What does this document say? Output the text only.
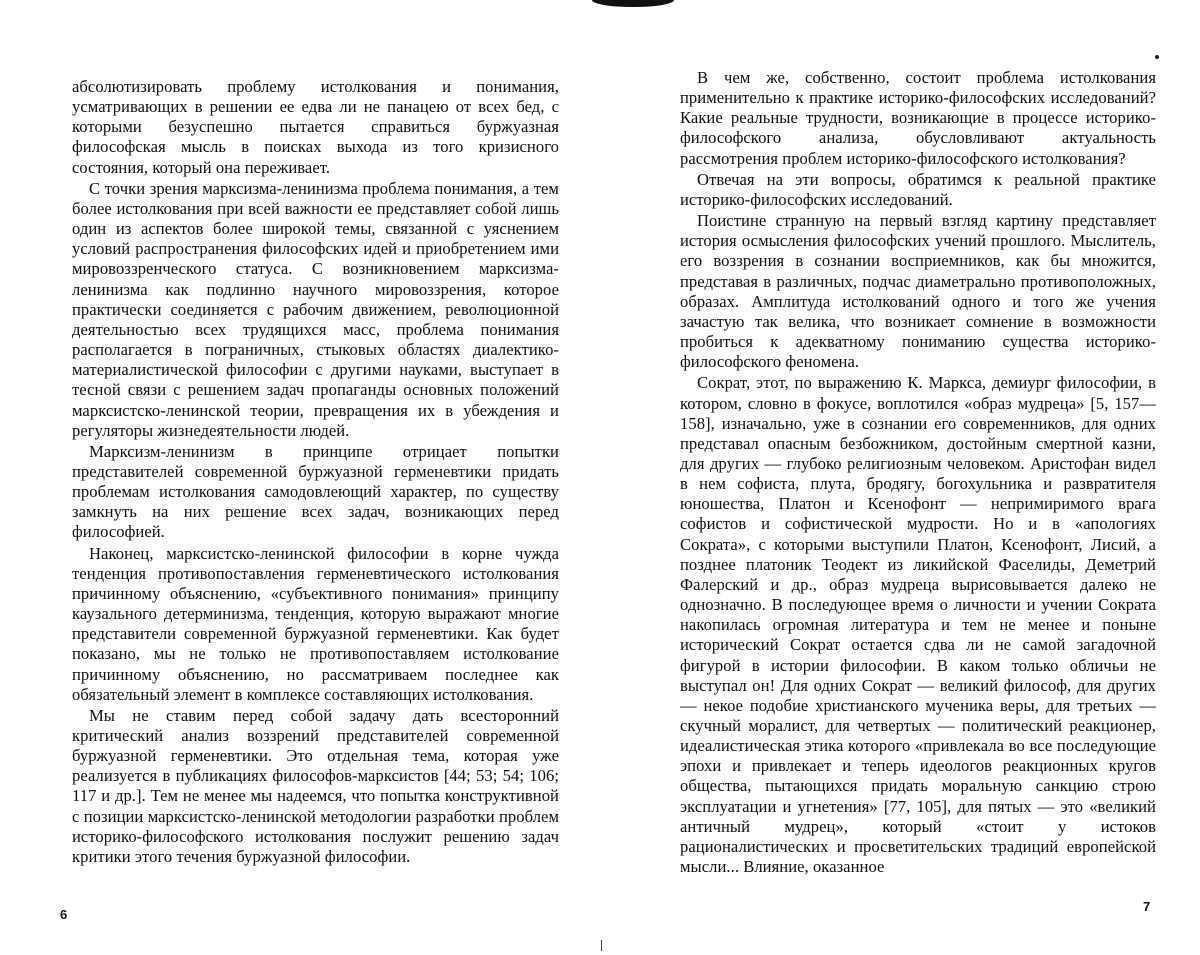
абсолютизировать проблему истолкования и понимания, усматривающих в решении ее едва ли не панацею от всех бед, с которыми безуспешно пытается справиться буржуазная философская мысль в поисках выхода из того кризисного состояния, который она переживает.

С точки зрения марксизма-ленинизма проблема понимания, а тем более истолкования при всей важности ее представляет собой лишь один из аспектов более широкой темы, связанной с уяснением условий распространения философских идей и приобретением ими мировоззренческого статуса. С возникновением марксизма-ленинизма как подлинно научного мировоззрения, которое практически соединяется с рабочим движением, революционной деятельностью всех трудящихся масс, проблема понимания располагается в пограничных, стыковых областях диалектико-материалистической философии с другими науками, выступает в тесной связи с решением задач пропаганды основных положений марксистско-ленинской теории, превращения их в убеждения и регуляторы жизнедеятельности людей.

Марксизм-ленинизм в принципе отрицает попытки представителей современной буржуазной герменевтики придать проблемам истолкования самодовлеющий характер, по существу замкнуть на них решение всех задач, возникающих перед философией.

Наконец, марксистско-ленинской философии в корне чужда тенденция противопоставления герменевтического истолкования причинному объяснению, «субъективного понимания» принципу каузального детерминизма, тенденция, которую выражают многие представители современной буржуазной герменевтики. Как будет показано, мы не только не противопоставляем истолкование причинному объяснению, но рассматриваем последнее как обязательный элемент в комплексе составляющих истолкования.

Мы не ставим перед собой задачу дать всесторонний критический анализ воззрений представителей современной буржуазной герменевтики. Это отдельная тема, которая уже реализуется в публикациях философов-марксистов [44; 53; 54; 106; 117 и др.]. Тем не менее мы надеемся, что попытка конструктивной с позиции марксистско-ленинской методологии разработки проблем историко-философского истолкования послужит решению задач критики этого течения буржуазной философии.

6

В чем же, собственно, состоит проблема истолкования применительно к практике историко-философских исследований? Какие реальные трудности, возникающие в процессе историко-философского анализа, обусловливают актуальность рассмотрения проблем историко-философского истолкования?

Отвечая на эти вопросы, обратимся к реальной практике историко-философских исследований.

Поистине странную на первый взгляд картину представляет история осмысления философских учений прошлого. Мыслитель, его воззрения в сознании восприемников, как бы множится, представая в различных, подчас диаметрально противоположных, образах. Амплитуда истолкований одного и того же учения зачастую так велика, что возникает сомнение в возможности пробиться к адекватному пониманию существа историко-философского феномена.

Сократ, этот, по выражению К. Маркса, демиург философии, в котором, словно в фокусе, воплотился «образ мудреца» [5, 157—158], изначально, уже в сознании его современников, для одних представал опасным безбожником, достойным смертной казни, для других — глубоко религиозным человеком. Аристофан видел в нем софиста, плута, бродягу, богохульника и развратителя юношества, Платон и Ксенофонт — непримиримого врага софистов и софистической мудрости. Но и в «апологиях Сократа», с которыми выступили Платон, Ксенофонт, Лисий, а позднее платоник Теодект из ликийской Фаселиды, Деметрий Фалерский и др., образ мудреца вырисовывается далеко не однозначно. В последующее время о личности и учении Сократа накопилась огромная литература и тем не менее и поныне исторический Сократ остается сдва ли не самой загадочной фигурой в истории философии. В каком только обличьи не выступал он! Для одних Сократ — великий философ, для других — некое подобие христианского мученика веры, для третьих — скучный моралист, для четвертых — политический реакционер, идеалистическая этика которого «привлекала во все последующие эпохи и привлекает и теперь идеологов реакционных кругов общества, пытающихся придать моральную санкцию строю эксплуатации и угнетения» [77, 105], для пятых — это «великий античный мудрец», который «стоит у истоков рационалистических и просветительских традиций европейской мысли... Влияние, оказанное

7
